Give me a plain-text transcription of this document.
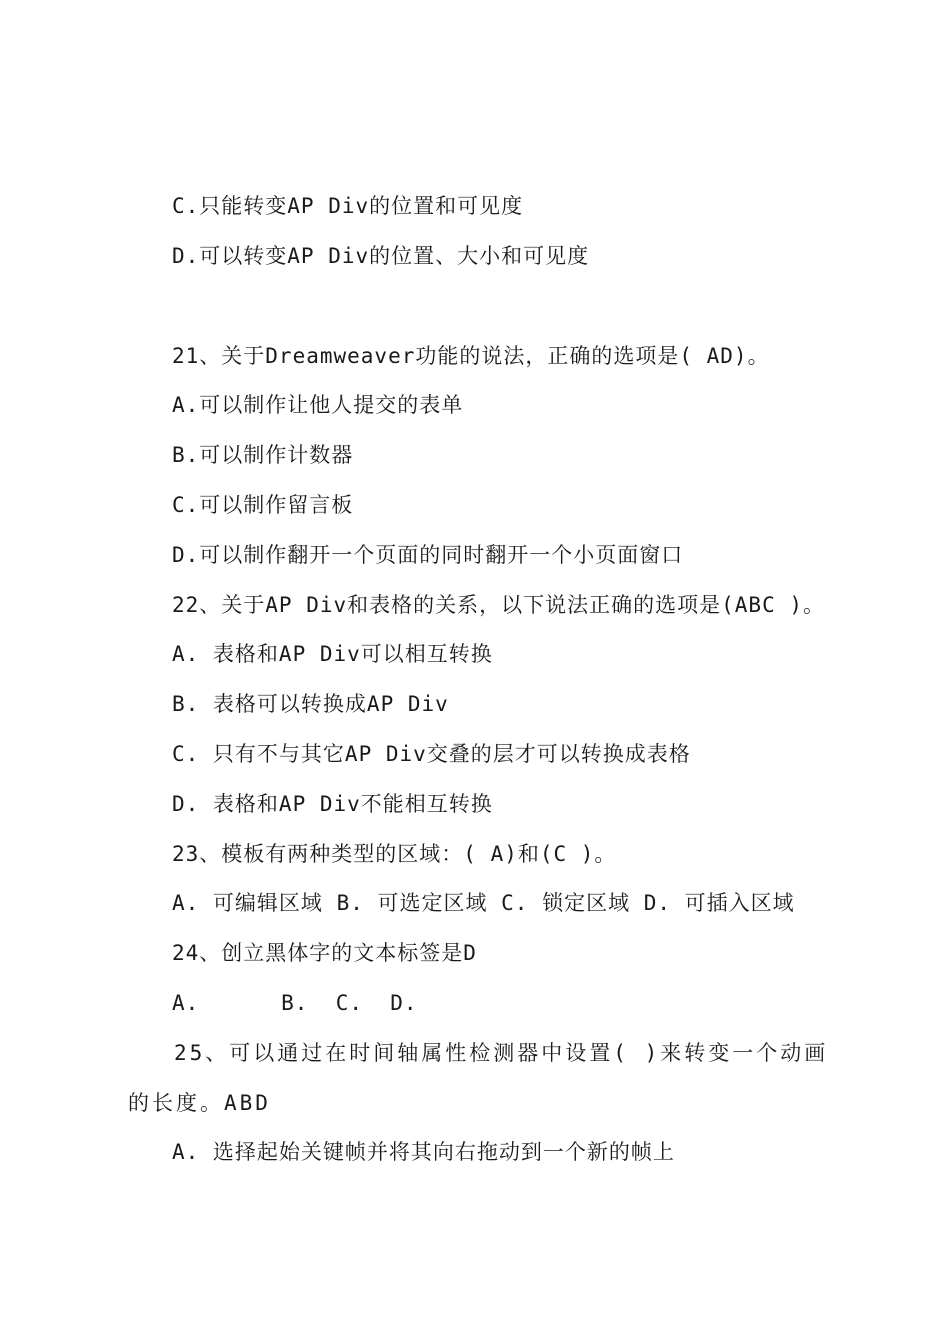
C.只能转变AP Div的位置和可见度
D.可以转变AP Div的位置、大小和可见度
21、关于Dreamweaver功能的说法，正确的选项是( AD)。
A.可以制作让他人提交的表单
B.可以制作计数器
C.可以制作留言板
D.可以制作翻开一个页面的同时翻开一个小页面窗口
22、关于AP Div和表格的关系，以下说法正确的选项是(ABC )。
A. 表格和AP Div可以相互转换
B. 表格可以转换成AP Div
C. 只有不与其它AP Div交叠的层才可以转换成表格
D. 表格和AP Div不能相互转换
23、模板有两种类型的区域：( A)和(C )。
A. 可编辑区域 B. 可选定区域 C. 锁定区域 D. 可插入区域
24、创立黑体字的文本标签是D
A.      B.  C.  D.
25、可以通过在时间轴属性检测器中设置( )来转变一个动画的长度。ABD
A. 选择起始关键帧并将其向右拖动到一个新的帧上
